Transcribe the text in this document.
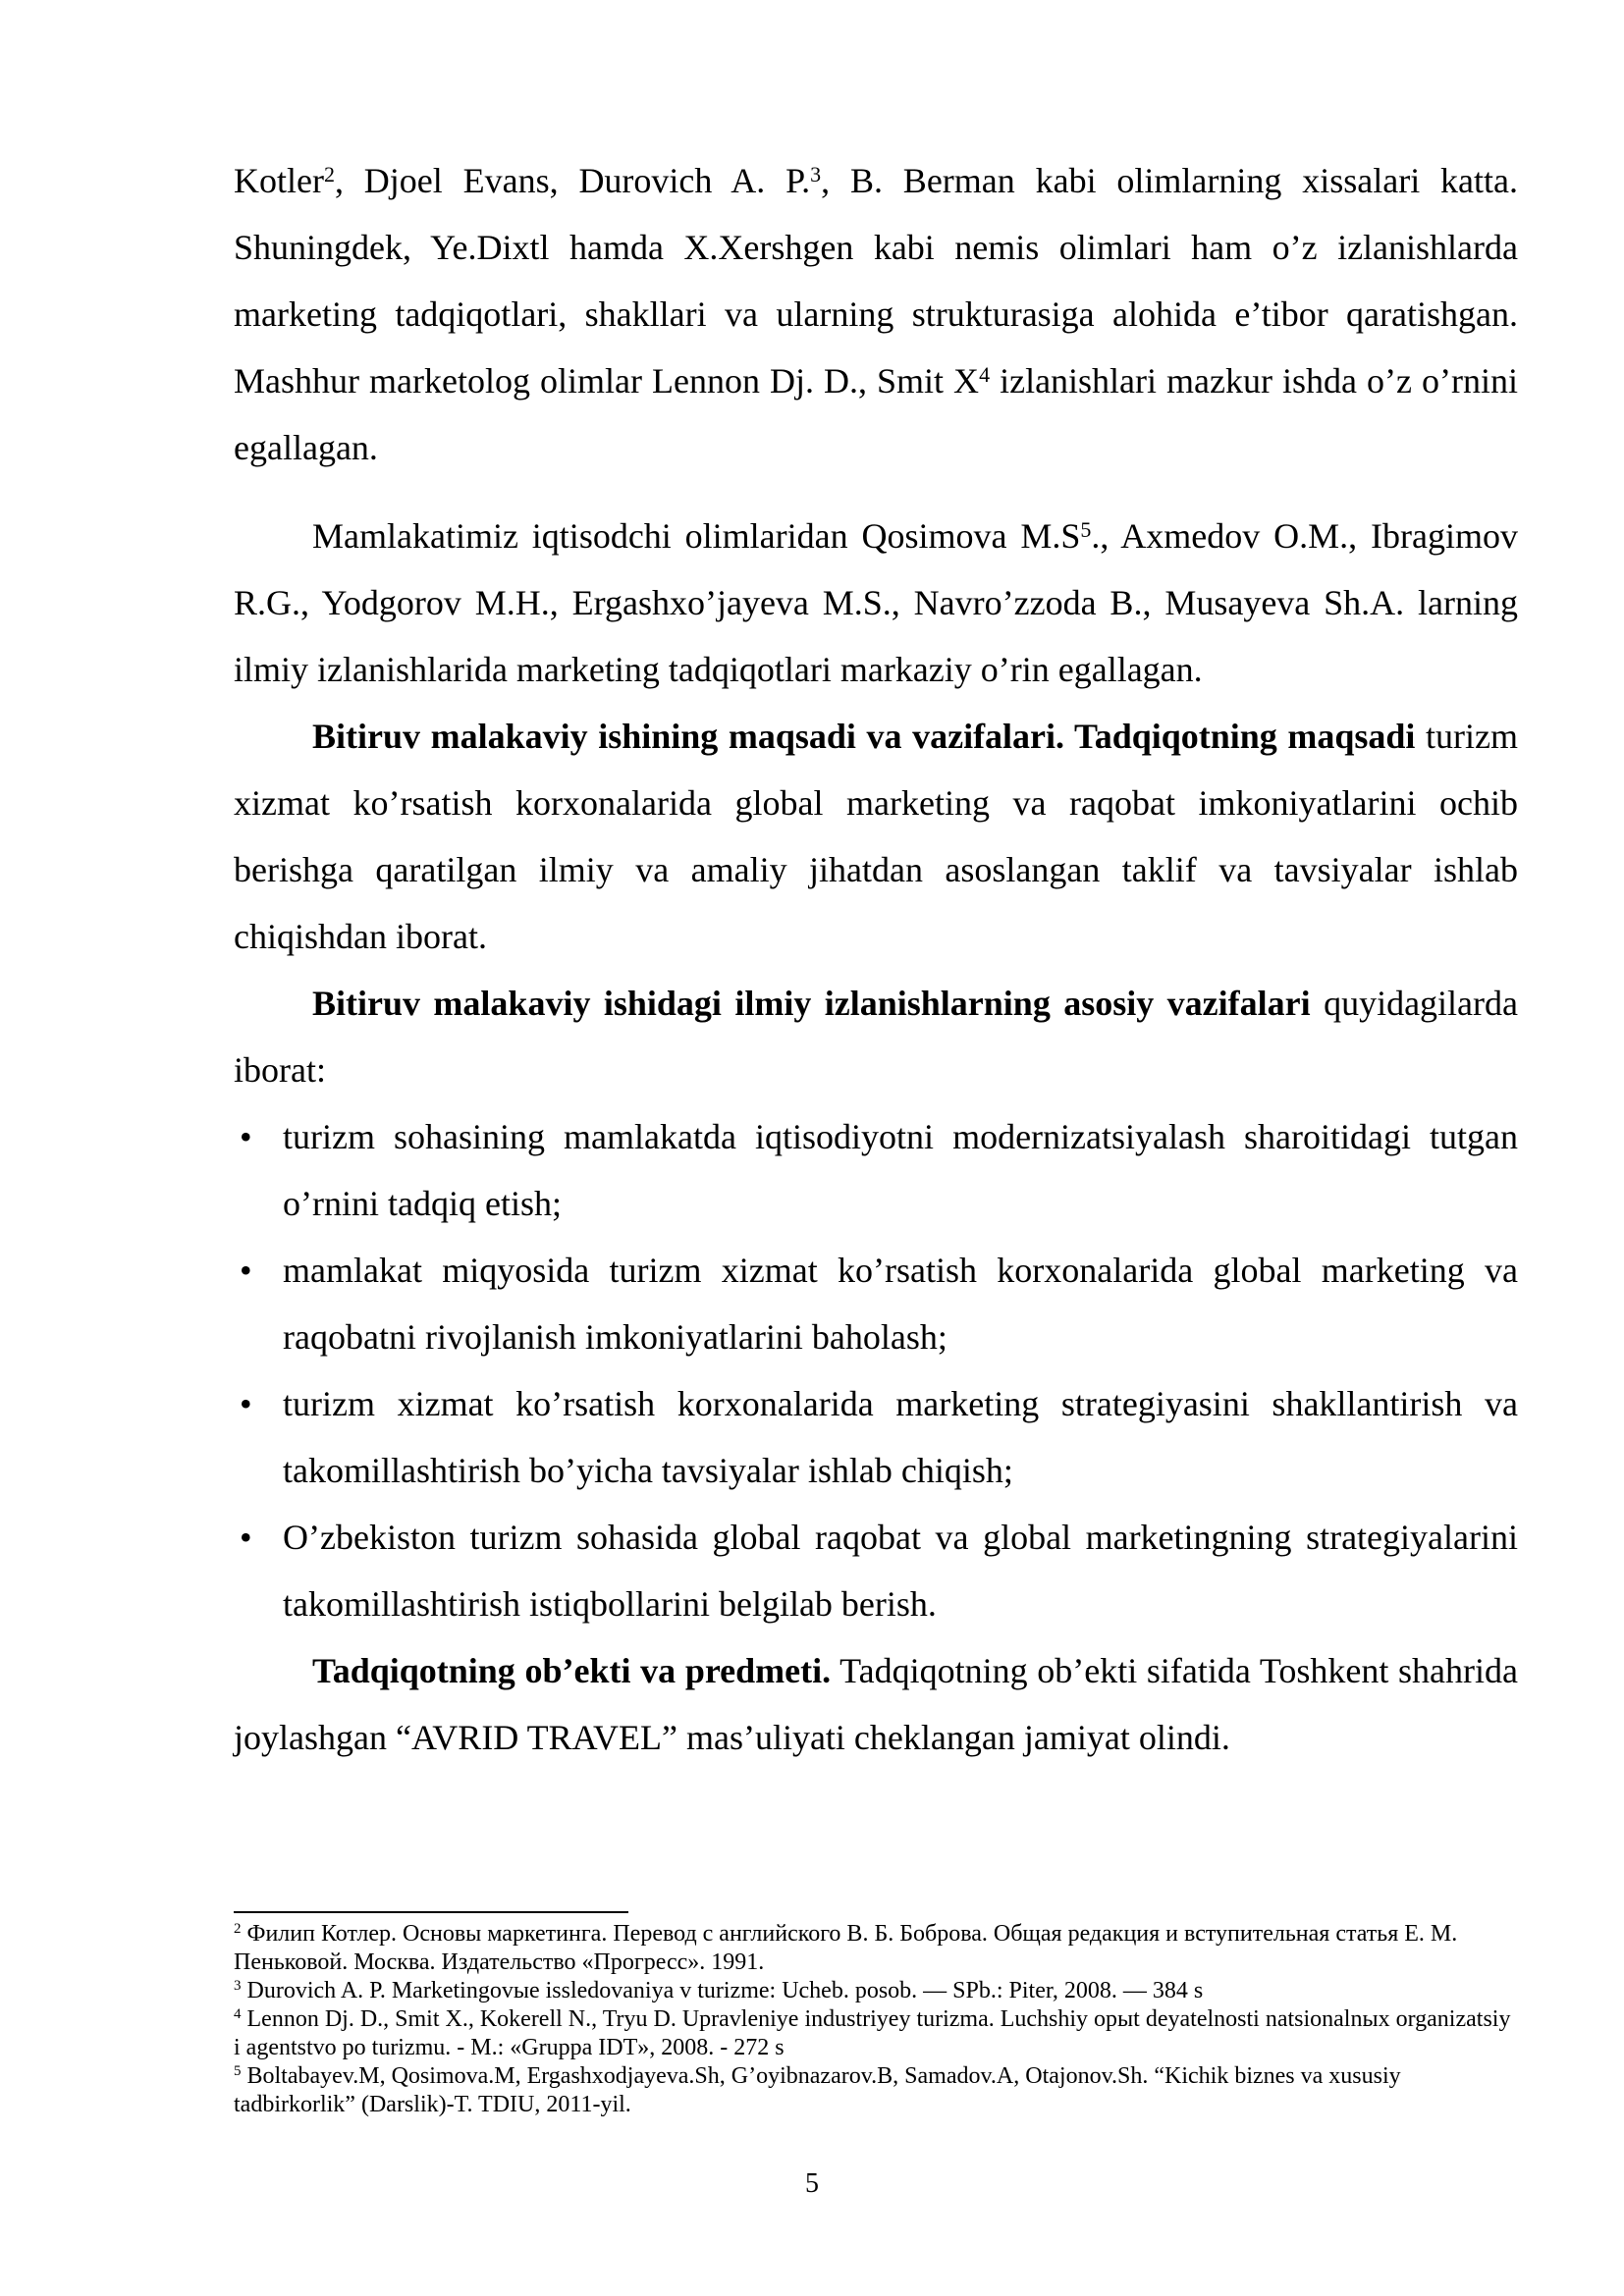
Kotler$^2$, Djoel Evans, Durovich A. P.$^3$, B. Berman kabi olimlarning xissalari katta. Shuningdek, Ye.Dixtl hamda X.Xershgen kabi nemis olimlari ham o’z izlanishlarda marketing tadqiqotlari, shakllari va ularning strukturasiga alohida e’tibor qaratishgan. Mashhur marketolog olimlar Lennon Dj. D., Smit $X^4$ izlanishlari mazkur ishda o’z o’rnini egallagan.

Mamlakatimiz iqtisodchi olimlaridan Qosimova $M.S^5$., Axmedov O.M., Ibragimov R.G., Yodgorov M.H., Ergashxo’jayeva M.S., Navro’zzoda B., Musayeva Sh.A. larning ilmiy izlanishlarida marketing tadqiqotlari markaziy o’rin egallagan.

Bitiruv malakaviy ishining maqsadi va vazifalari. Tadqiqotning maqsadi turizm xizmat ko’rsatish korxonalarida global marketing va raqobat imkoniyatlarini ochib berishga qaratilgan ilmiy va amaliy jihatdan asoslangan taklif va tavsiyalar ishlab chiqishdan iborat.

Bitiruv malakaviy ishidagi ilmiy izlanishlarning asosiy vazifalari quyidagilarda iborat:

• turizm sohasining mamlakatda iqtisodiyotni modernizatsiyalash sharoitidagi tutgan o’rnini tadqiq etish;
• mamlakat miqyosida turizm xizmat ko’rsatish korxonalarida global marketing va raqobatni rivojlanish imkoniyatlarini baholash;
• turizm xizmat ko’rsatish korxonalarida marketing strategiyasini shakllantirish va takomillashtirish bo’yicha tavsiyalar ishlab chiqish;
• O’zbekiston turizm sohasida global raqobat va global marketingning strategiyalarini takomillashtirish istiqbollarini belgilab berish.

Tadqiqotning ob’ekti va predmeti. Tadqiqotning ob’ekti sifatida Toshkent shahrida joylashgan “AVRID TRAVEL” mas’uliyati cheklangan jamiyat olindi.

$^2$ Филип Котлер. Основы маркетинга. Перевод с английского В. Б. Боброва. Общая редакция и вступительная статья Е. М. Пеньковой. Москва. Издательство «Прогресс». 1991.

$^3$ Durovich A. P. Marketingovыe issledovaniya v turizme: Ucheb. posob. — SPb.: Piter, 2008. — 384 s

$^4$ Lennon Dj. D., Smit X., Kokerell N., Tryu D. Upravleniye industriyey turizma. Luchshiy opыt deyatelnosti natsionalnыx organizatsiy i agentstvo po turizmu. - M.: «Gruppa IDT», 2008. - 272 s

$^5$ Boltabayev.M, Qosimova.M, Ergashxodjayeva.Sh, G’oyibnazarov.B, Samadov.A, Otajonov.Sh. “Kichik biznes va xususiy tadbirkorlik” (Darslik)-T. TDIU, 2011-yil.

5
